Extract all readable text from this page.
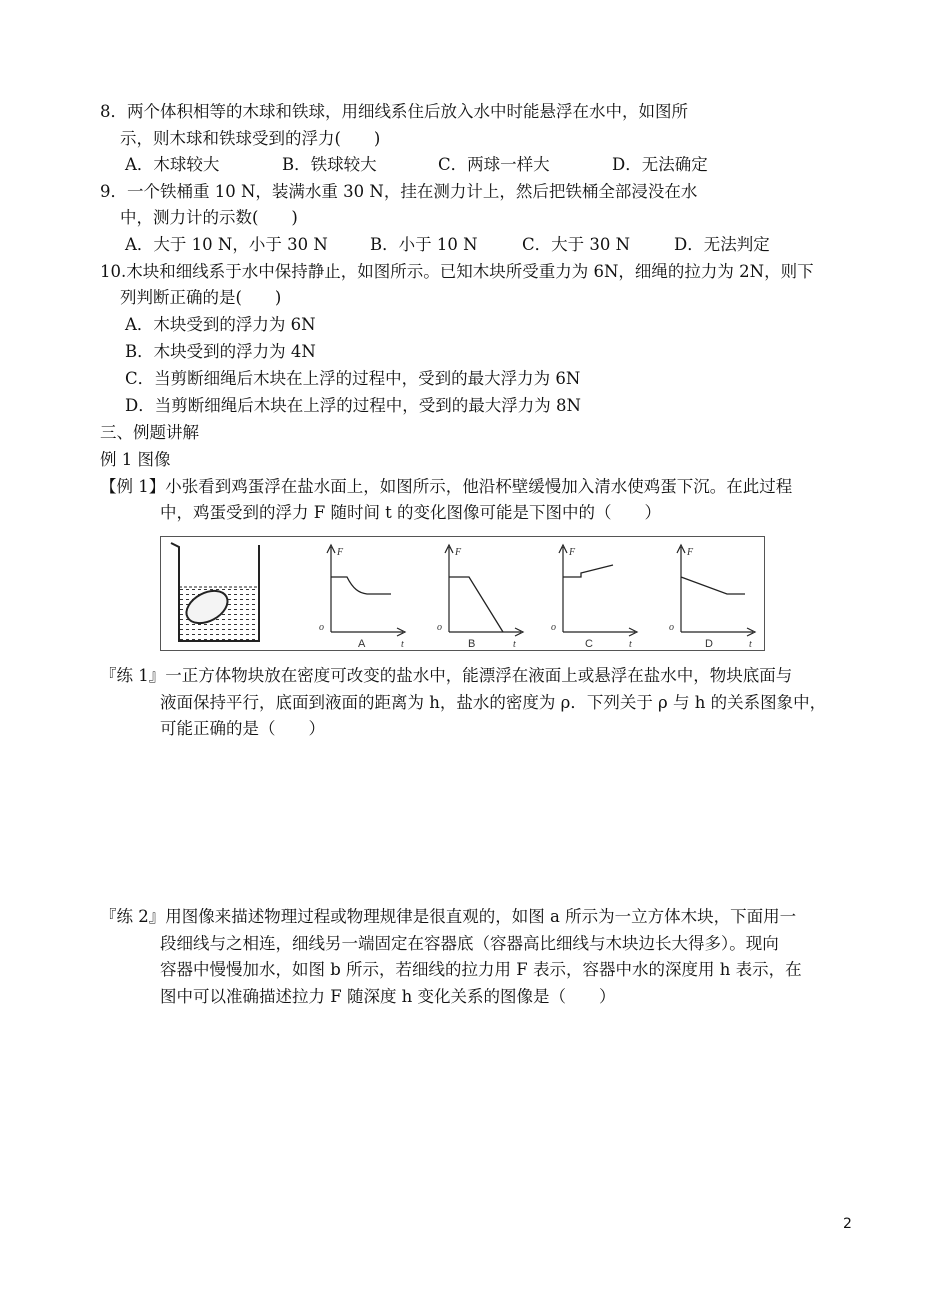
8．两个体积相等的木球和铁球，用细线系住后放入水中时能悬浮在水中，如图所
示，则木球和铁球受到的浮力(　　)
A．木球较大	B．铁球较大	C．两球一样大	D．无法确定
9．一个铁桶重 10 N，装满水重 30 N，挂在测力计上，然后把铁桶全部浸没在水
中，测力计的示数(　　)
A．大于 10 N，小于 30 N	B．小于 10 N	C．大于 30 N	D．无法判定
10.木块和细线系于水中保持静止，如图所示。已知木块所受重力为 6N，细绳的拉力为 2N，则下
列判断正确的是(　　)
A．木块受到的浮力为 6N
B．木块受到的浮力为 4N
C．当剪断细绳后木块在上浮的过程中，受到的最大浮力为 6N
D．当剪断细绳后木块在上浮的过程中，受到的最大浮力为 8N
三、例题讲解
例 1 图像
【例 1】小张看到鸡蛋浮在盐水面上，如图所示，他沿杯壁缓慢加入清水使鸡蛋下沉。在此过程
中，鸡蛋受到的浮力 F 随时间 t 的变化图像可能是下图中的（　　）
F
o
t
A
F
o
t
B
F
o
t
C
F
o
t
D
『练 1』一正方体物块放在密度可改变的盐水中，能漂浮在液面上或悬浮在盐水中，物块底面与
液面保持平行，底面到液面的距离为 h，盐水的密度为 ρ．下列关于 ρ 与 h 的关系图象中，
可能正确的是（　　）
『练 2』用图像来描述物理过程或物理规律是很直观的，如图 a 所示为一立方体木块，下面用一
段细线与之相连，细线另一端固定在容器底（容器高比细线与木块边长大得多）。现向
容器中慢慢加水，如图 b 所示，若细线的拉力用 F 表示，容器中水的深度用 h 表示，在
图中可以准确描述拉力 F 随深度 h 变化关系的图像是（　　）
2
